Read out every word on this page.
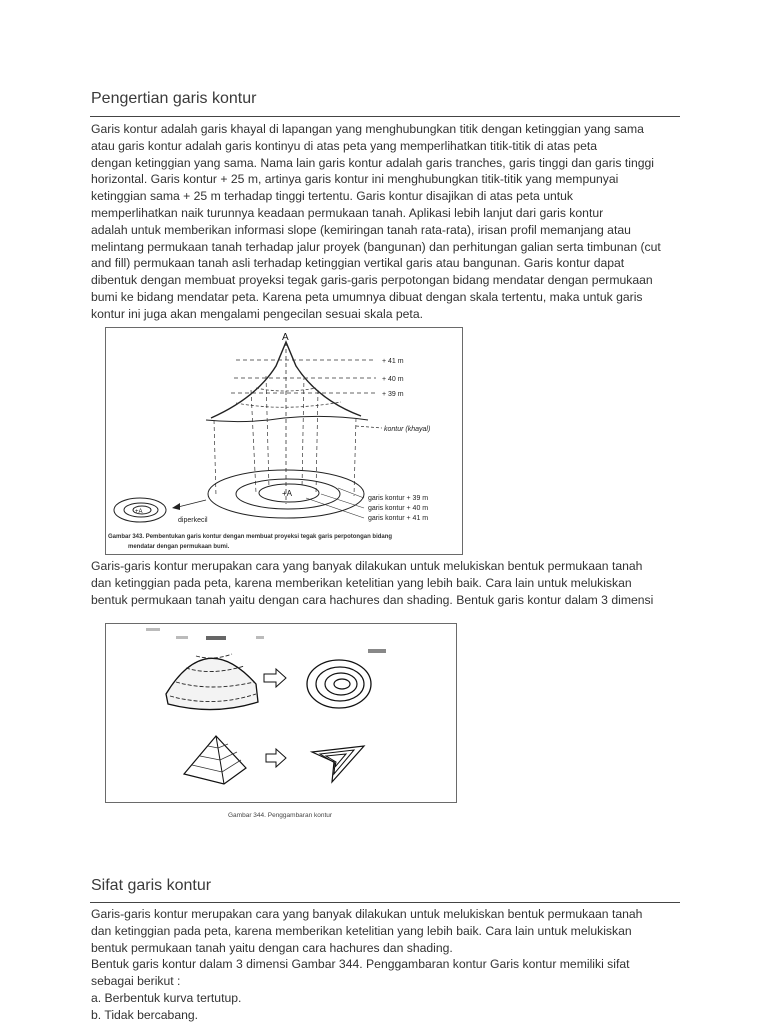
Pengertian garis kontur
Garis kontur adalah garis khayal di lapangan yang menghubungkan titik dengan ketinggian yang sama
atau garis kontur adalah garis kontinyu di atas peta yang memperlihatkan titik-titik di atas peta
dengan ketinggian yang sama. Nama lain garis kontur adalah garis tranches, garis tinggi dan garis tinggi
horizontal. Garis kontur + 25 m, artinya garis kontur ini menghubungkan titik-titik yang mempunyai
ketinggian sama + 25 m terhadap tinggi tertentu. Garis kontur disajikan di atas peta untuk
memperlihatkan naik turunnya keadaan permukaan tanah. Aplikasi lebih lanjut dari garis kontur
adalah untuk memberikan informasi slope (kemiringan tanah rata-rata), irisan profil memanjang atau
melintang permukaan tanah terhadap jalur proyek (bangunan) dan perhitungan galian serta timbunan (cut
and fill) permukaan tanah asli terhadap ketinggian vertikal garis atau bangunan. Garis kontur dapat
dibentuk dengan membuat proyeksi tegak garis-garis perpotongan bidang mendatar dengan permukaan
bumi ke bidang mendatar peta. Karena peta umumnya dibuat dengan skala tertentu, maka untuk garis
kontur ini juga akan mengalami pengecilan sesuai skala peta.
A
+ 41 m
+ 40 m
+ 39 m
kontur (khayal)
+A
+A
diperkecil
garis kontur + 39 m
garis kontur + 40 m
garis kontur + 41 m
Gambar 343. Pembentukan garis kontur dengan membuat proyeksi tegak garis perpotongan bidang
mendatar dengan permukaan bumi.
Garis-garis kontur merupakan cara yang banyak dilakukan untuk melukiskan bentuk permukaan tanah
dan ketinggian pada peta, karena memberikan ketelitian yang lebih baik. Cara lain untuk melukiskan
bentuk permukaan tanah yaitu dengan cara hachures dan shading. Bentuk garis kontur dalam 3 dimensi
Gambar 344. Penggambaran kontur
Sifat garis kontur
Garis-garis kontur merupakan cara yang banyak dilakukan untuk melukiskan bentuk permukaan tanah
dan ketinggian pada peta, karena memberikan ketelitian yang lebih baik. Cara lain untuk melukiskan
bentuk permukaan tanah yaitu dengan cara hachures dan shading.
Bentuk garis kontur dalam 3 dimensi Gambar 344. Penggambaran kontur Garis kontur memiliki sifat
sebagai berikut :
a. Berbentuk kurva tertutup.
b. Tidak bercabang.
